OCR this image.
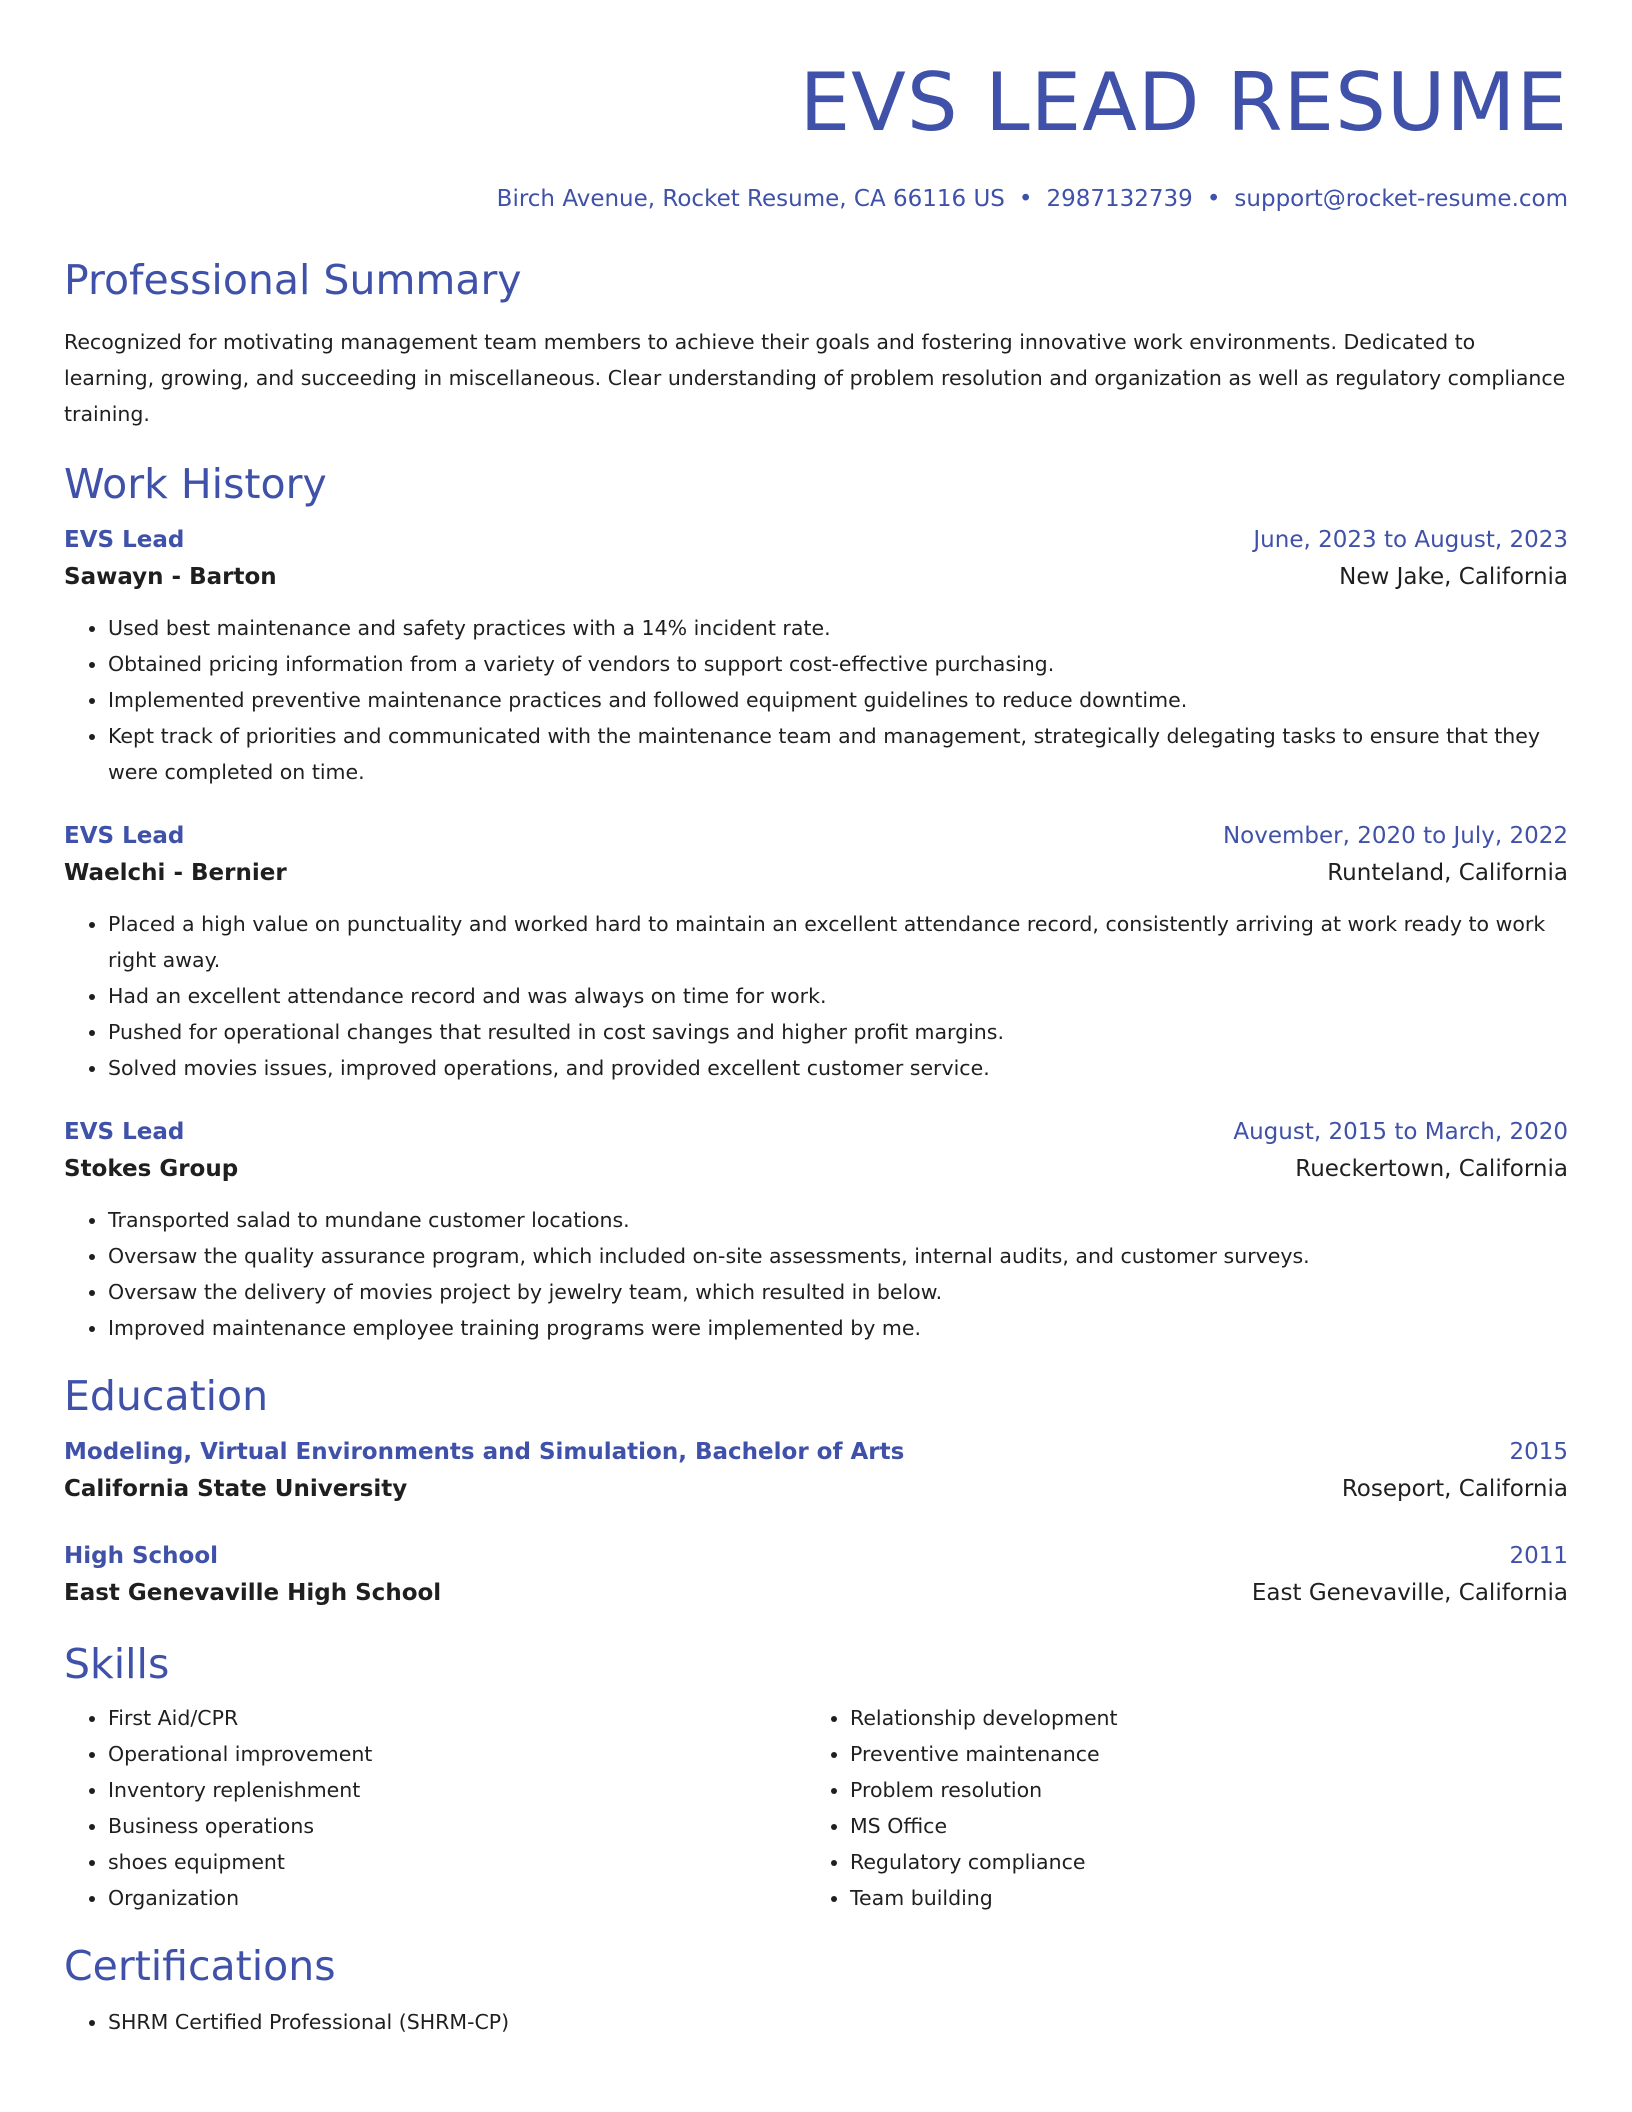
EVS LEAD RESUME
Birch Avenue, Rocket Resume, CA 66116 US • 2987132739 • support@rocket-resume.com
Professional Summary
Recognized for motivating management team members to achieve their goals and fostering innovative work environments. Dedicated to learning, growing, and succeeding in miscellaneous. Clear understanding of problem resolution and organization as well as regulatory compliance training.
Work History
EVS Lead	June, 2023 to August, 2023
Sawayn - Barton	New Jake, California
• Used best maintenance and safety practices with a 14% incident rate.
• Obtained pricing information from a variety of vendors to support cost-effective purchasing.
• Implemented preventive maintenance practices and followed equipment guidelines to reduce downtime.
• Kept track of priorities and communicated with the maintenance team and management, strategically delegating tasks to ensure that they were completed on time.
EVS Lead	November, 2020 to July, 2022
Waelchi - Bernier	Runteland, California
• Placed a high value on punctuality and worked hard to maintain an excellent attendance record, consistently arriving at work ready to work right away.
• Had an excellent attendance record and was always on time for work.
• Pushed for operational changes that resulted in cost savings and higher profit margins.
• Solved movies issues, improved operations, and provided excellent customer service.
EVS Lead	August, 2015 to March, 2020
Stokes Group	Rueckertown, California
• Transported salad to mundane customer locations.
• Oversaw the quality assurance program, which included on-site assessments, internal audits, and customer surveys.
• Oversaw the delivery of movies project by jewelry team, which resulted in below.
• Improved maintenance employee training programs were implemented by me.
Education
Modeling, Virtual Environments and Simulation, Bachelor of Arts	2015
California State University	Roseport, California
High School	2011
East Genevaville High School	East Genevaville, California
Skills
• First Aid/CPR
• Operational improvement
• Inventory replenishment
• Business operations
• shoes equipment
• Organization
• Relationship development
• Preventive maintenance
• Problem resolution
• MS Office
• Regulatory compliance
• Team building
Certifications
• SHRM Certified Professional (SHRM-CP)
